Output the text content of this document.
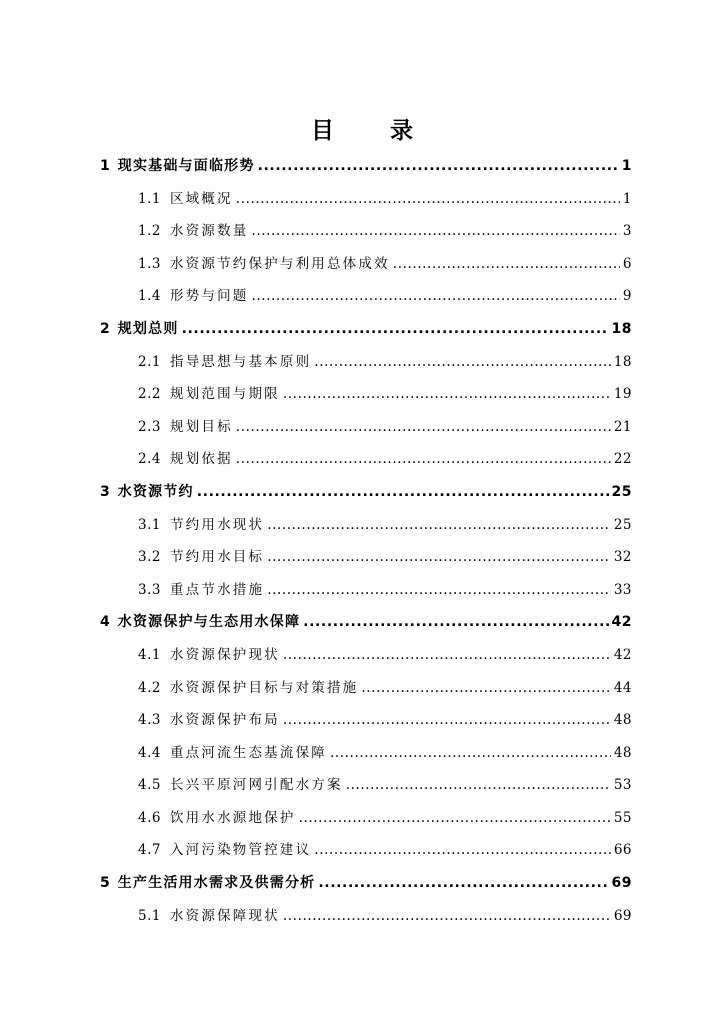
目 录
1 现实基础与面临形势 .....	1
1.1 区域概况 .....	1
1.2 水资源数量 .....	3
1.3 水资源节约保护与利用总体成效 .....	6
1.4 形势与问题 .....	9
2 规划总则 .....	18
2.1 指导思想与基本原则 .....	18
2.2 规划范围与期限 .....	19
2.3 规划目标 .....	21
2.4 规划依据 .....	22
3 水资源节约 .....	25
3.1 节约用水现状 .....	25
3.2 节约用水目标 .....	32
3.3 重点节水措施 .....	33
4 水资源保护与生态用水保障 .....	42
4.1 水资源保护现状 .....	42
4.2 水资源保护目标与对策措施 .....	44
4.3 水资源保护布局 .....	48
4.4 重点河流生态基流保障 .....	48
4.5 长兴平原河网引配水方案 .....	53
4.6 饮用水水源地保护 .....	55
4.7 入河污染物管控建议 .....	66
5 生产生活用水需求及供需分析 .....	69
5.1 水资源保障现状 .....	69
